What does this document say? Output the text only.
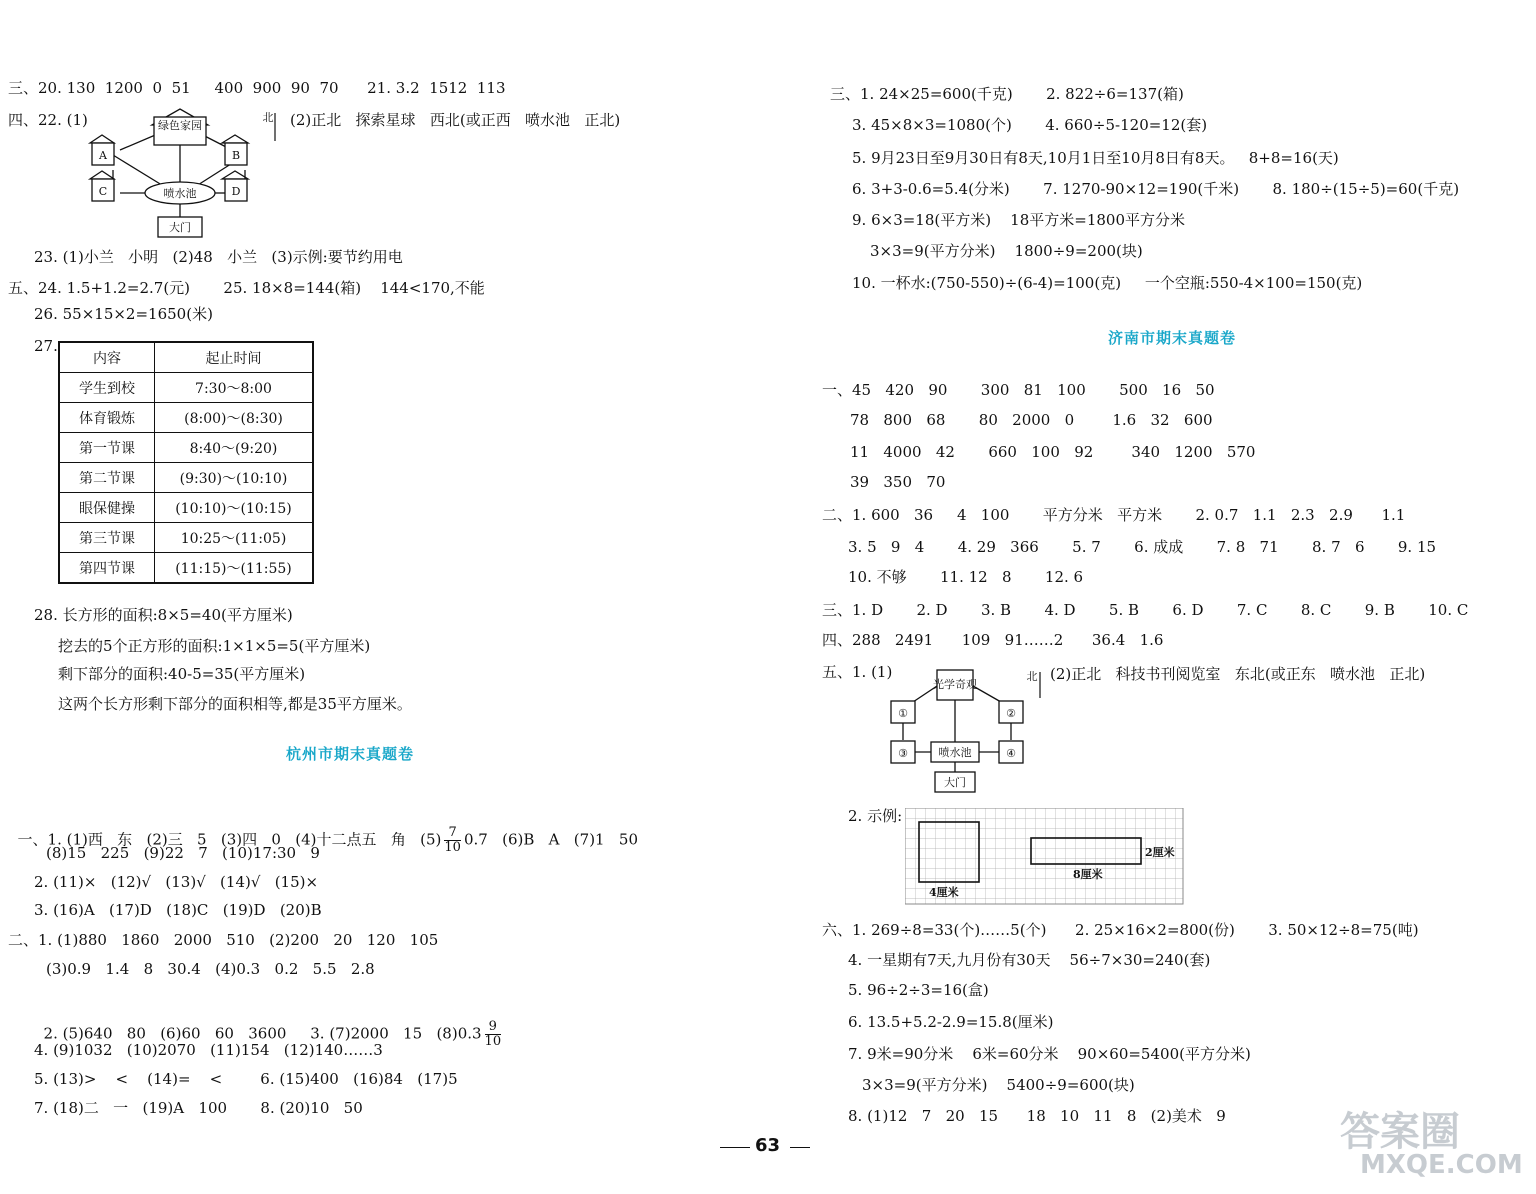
三、20. 130  1200  0  51     400  900  90  70      21. 3.2  1512  113
四、22. (1)	(2)正北   探索星球   西北(或正西   喷水池   正北)
绿色家园
A	B
C	D
喷水池
大门
北
23. (1)小兰   小明   (2)48   小兰   (3)示例:要节约用电
五、24. 1.5+1.2=2.7(元)       25. 18×8=144(箱)    144<170,不能
26. 55×15×2=1650(米)
27.
内容	起止时间
学生到校	7:30～8:00
体育锻炼	(8:00)～(8:30)
第一节课	8:40～(9:20)
第二节课	(9:30)～(10:10)
眼保健操	(10:10)～(10:15)
第三节课	10:25～(11:05)
第四节课	(11:15)～(11:55)
28. 长方形的面积:8×5=40(平方厘米)
挖去的5个正方形的面积:1×1×5=5(平方厘米)
剩下部分的面积:40-5=35(平方厘米)
这两个长方形剩下部分的面积相等,都是35平方厘米。
杭州市期末真题卷

一、1. (1)西   东   (2)三   5   (3)四   0   (4)十二点五   角   $(5) \frac{7}{10} 0.7$   (6)B   A   (7)1   50

(8)15   225   (9)22   7   (10)17:30   9
2. (11)×   (12)√   (13)√   (14)√   (15)×
3. (16)A   (17)D   (18)C   (19)D   (20)B
二、1. (1)880   1860   2000   510   (2)200   20   120   105
(3)0.9   1.4   8   30.4   (4)0.3   0.2   5.5   2.8

2. (5)640   80   (6)60   60   3600     3. (7)2000   15   $(8)0.3 \frac{9}{10}$

4. (9)1032   (10)2070   (11)154   (12)140……3
5. (13)>    <    (14)=    <        6. (15)400   (16)84   (17)5
7. (18)二   一   (19)A   100       8. (20)10   50
三、1. 24×25=600(千克)       2. 822÷6=137(箱)
3. 45×8×3=1080(个)       4. 660÷5-120=12(套)
5. 9月23日至9月30日有8天,10月1日至10月8日有8天。   8+8=16(天)
6. 3+3-0.6=5.4(分米)       7. 1270-90×12=190(千米)       8. 180÷(15÷5)=60(千克)
9. 6×3=18(平方米)    18平方米=1800平方分米
3×3=9(平方分米)    1800÷9=200(块)
10. 一杯水:(750-550)÷(6-4)=100(克)     一个空瓶:550-4×100=150(克)
济南市期末真题卷
一、45   420   90       300   81   100       500   16   50
78   800   68       80   2000   0        1.6   32   600
11   4000   42       660   100   92        340   1200   570
39   350   70
二、1. 600   36     4   100       平方分米   平方米       2. 0.7   1.1   2.3   2.9      1.1
3. 5   9   4       4. 29   366       5. 7       6. 成成       7. 8   71       8. 7   6       9. 15
10. 不够       11. 12   8       12. 6
三、1. D       2. D       3. B       4. D       5. B       6. D       7. C       8. C       9. B       10. C
四、288   2491      109   91……2      36.4   1.6
五、1. (1)	(2)正北   科技书刊阅览室   东北(或正东   喷水池   正北)
光学奇观
①	②
③	④
喷水池
大门
北
2. 示例:
4厘米
8厘米
2厘米
六、1. 269÷8=33(个)……5(个)      2. 25×16×2=800(份)       3. 50×12÷8=75(吨)
4. 一星期有7天,九月份有30天    56÷7×30=240(套)
5. 96÷2÷3=16(盒)
6. 13.5+5.2-2.9=15.8(厘米)
7. 9米=90分米    6米=60分米    90×60=5400(平方分米)
3×3=9(平方分米)    5400÷9=600(块)
8. (1)12   7   20   15      18   10   11   8   (2)美术   9
63	答案圈
MXQE.COM
